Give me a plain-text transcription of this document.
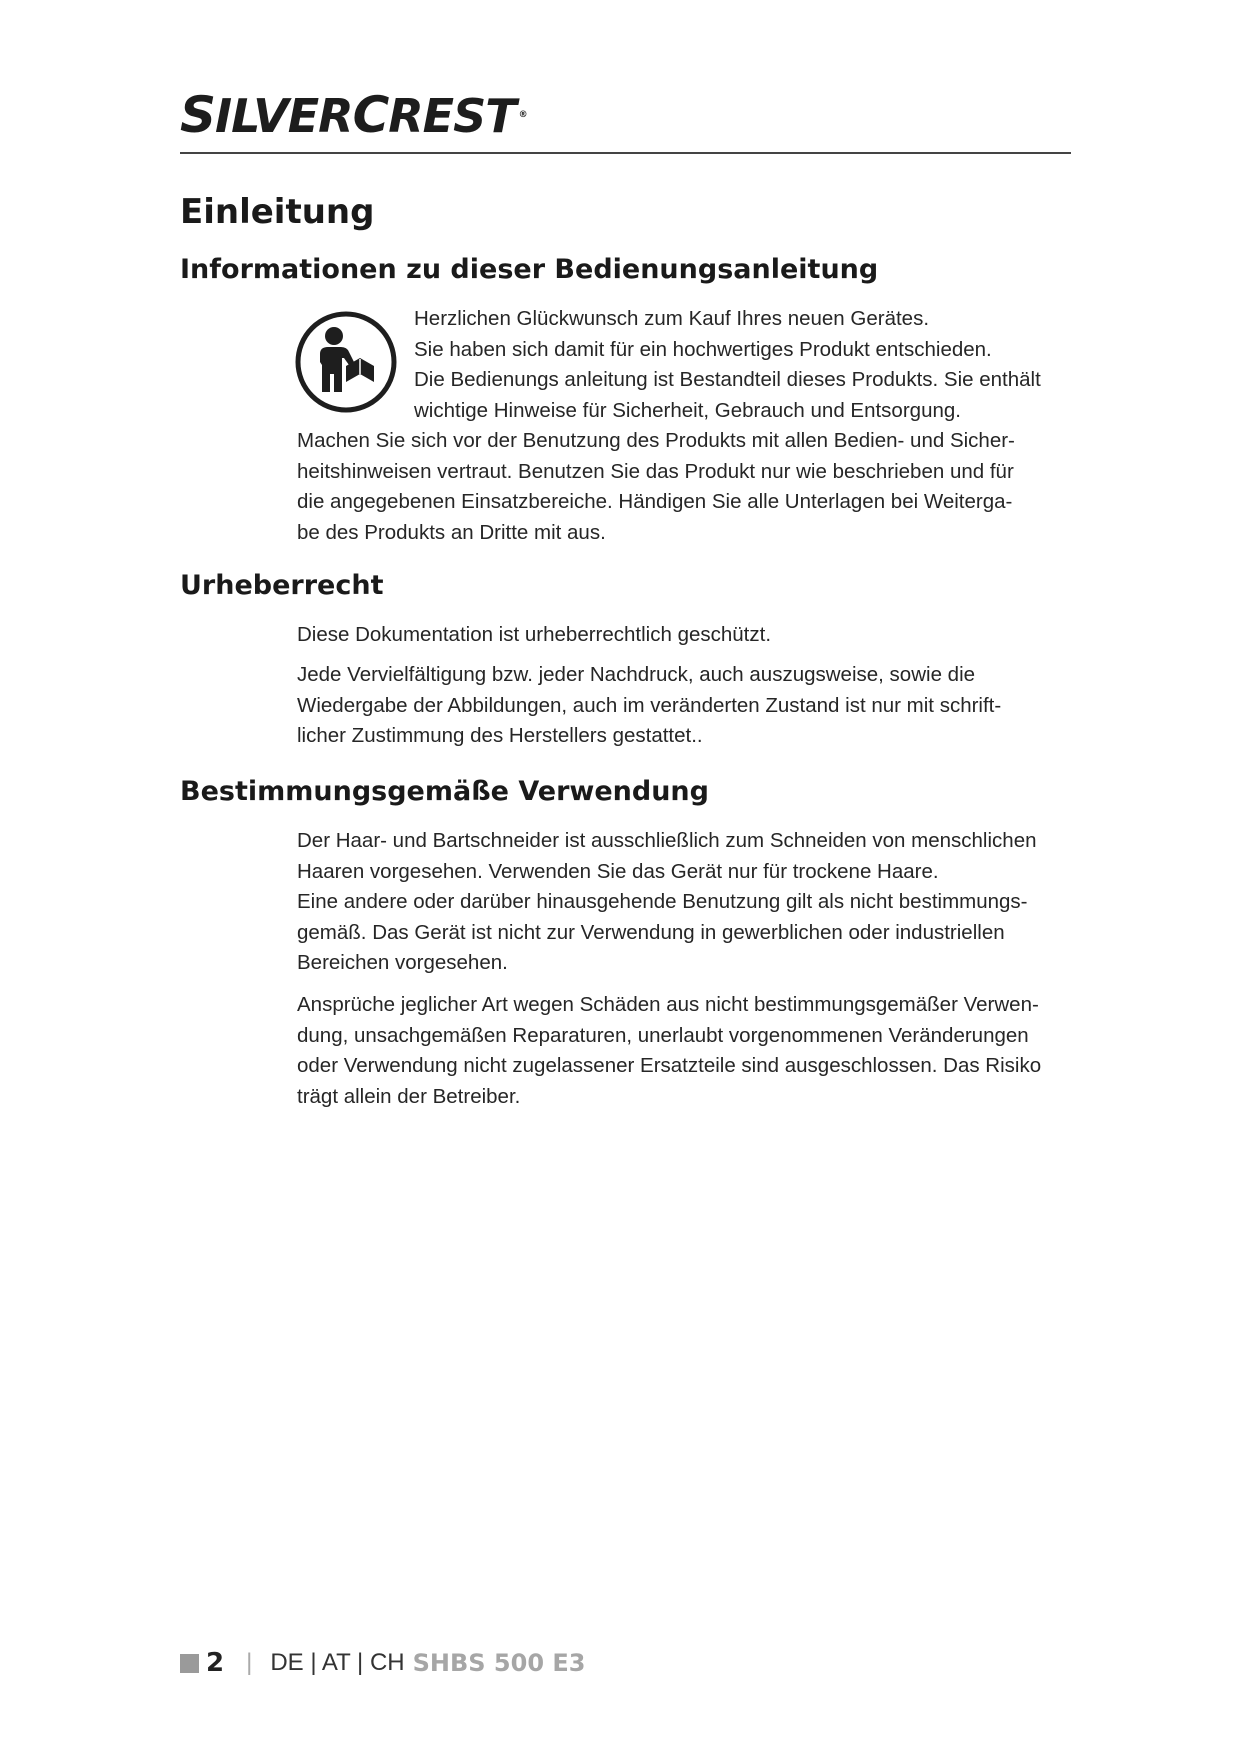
SILVERCREST ®
Einleitung
Informationen zu dieser Bedienungsanleitung
Herzlichen Glückwunsch zum Kauf Ihres neuen Gerätes.
Sie haben sich damit für ein hochwertiges Produkt entschieden.
Die Bedienungs anleitung ist Bestandteil dieses Produkts. Sie enthält
wichtige Hinweise für Sicherheit, Gebrauch und Entsorgung.
Machen Sie sich vor der Benutzung des Produkts mit allen Bedien- und Sicher-
heitshinweisen vertraut. Benutzen Sie das Produkt nur wie beschrieben und für
die angegebenen Einsatzbereiche. Händigen Sie alle Unterlagen bei Weiterga-
be des Produkts an Dritte mit aus.
Urheberrecht
Diese Dokumentation ist urheberrechtlich geschützt.
Jede Vervielfältigung bzw. jeder Nachdruck, auch auszugsweise, sowie die
Wiedergabe der Abbildungen, auch im veränderten Zustand ist nur mit schrift-
licher Zustimmung des Herstellers gestattet..
Bestimmungsgemäße Verwendung
Der Haar- und Bartschneider ist ausschließlich zum Schneiden von menschlichen
Haaren vorgesehen. Verwenden Sie das Gerät nur für trockene Haare.
Eine andere oder darüber hinausgehende Benutzung gilt als nicht bestimmungs-
gemäß. Das Gerät ist nicht zur Verwendung in gewerblichen oder industriellen
Bereichen vorgesehen.
Ansprüche jeglicher Art wegen Schäden aus nicht bestimmungsgemäßer Verwen-
dung, unsachgemäßen Reparaturen, unerlaubt vorgenommenen Veränderungen
oder Verwendung nicht zugelassener Ersatzteile sind ausgeschlossen. Das Risiko
trägt allein der Betreiber.
2 | DE | AT | CH SHBS 500 E3
